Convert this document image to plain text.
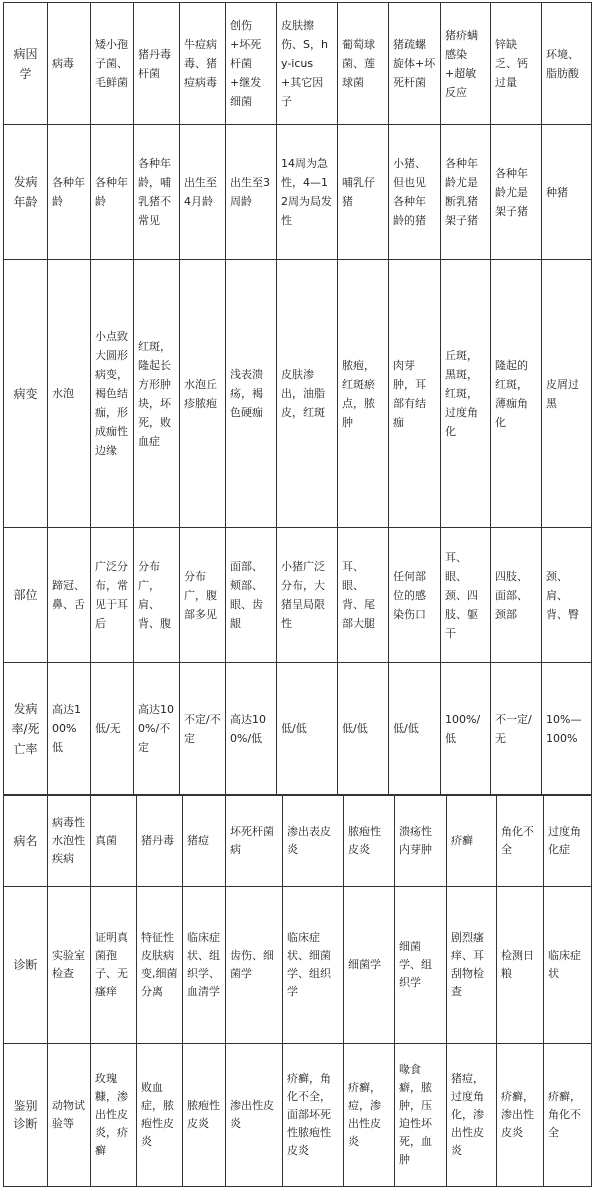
病因学	病毒	矮小孢子菌、毛鲜菌	猪丹毒杆菌	牛痘病毒、猪痘病毒	创伤+坏死杆菌+继发细菌	皮肤擦伤、S，hy-icus+其它因子	葡萄球菌、莲球菌	猪疏螺旋体+坏死杆菌	猪疥螨感染+超敏反应	锌缺乏、钙过量	环境、脂肪酸
发病年龄	各种年龄	各种年龄	各种年龄，哺乳猪不常见	出生至4月龄	出生至3周龄	14周为急性，4—12周为局发性	哺乳仔猪	小猪、但也见各种年龄的猪	各种年龄尤是断乳猪架子猪	各种年龄尤是架子猪	种猪
病变	水泡	小点致大圆形病变，褐色结痂，形成痂性边缘	红斑，隆起长方形肿块，坏死，败血症	水泡丘疹脓疱	浅表溃疡，褐色硬痂	皮肤渗出，油脂皮，红斑	脓疱，红斑瘀点，脓肿	肉芽肿，耳部有结痂	丘斑，黑斑，红斑，过度角化	隆起的红斑，薄痂角化	皮屑过黑
部位	蹄冠、鼻、舌	广泛分布，常见于耳后	分布广，肩、背、腹	分布广，腹部多见	面部、颊部、眼、齿龈	小猪广泛分布，大猪呈局限性	耳、眼、背、尾部大腿	任何部位的感染伤口	耳、眼、颈、四肢、躯干	四肢、面部、颈部	颈、肩、背、臀
发病率/死亡率	高达100%低	低/无	高达100%/不定	不定/不定	高达100%/低	低/低	低/低	低/低	100%/低	不一定/无	10%—100%
病名	病毒性水泡性疾病	真菌	猪丹毒	猪痘	坏死杆菌病	渗出表皮炎	脓疱性皮炎	溃疡性内芽肿	疥癣	角化不全	过度角化症
诊断	实验室检查	证明真菌孢子、无瘙痒	特征性皮肤病变,细菌分离	临床症状、组织学、血清学	齿伤、细菌学	临床症状、细菌学、组织学	细菌学	细菌学、组织学	剧烈瘙痒、耳刮物检查	检测日粮	临床症状
鉴别诊断	动物试验等	玫瑰糠，渗出性皮炎，疥癣	败血症，脓疱性皮炎	脓疱性皮炎	渗出性皮炎	疥癣，角化不全，面部坏死性脓疱性皮炎	疥癣，痘，渗出性皮炎	喙食癖，脓肿，压迫性坏死，血肿	猪痘，过度角化，渗出性皮炎	疥癣，渗出性皮炎	疥癣，角化不全
